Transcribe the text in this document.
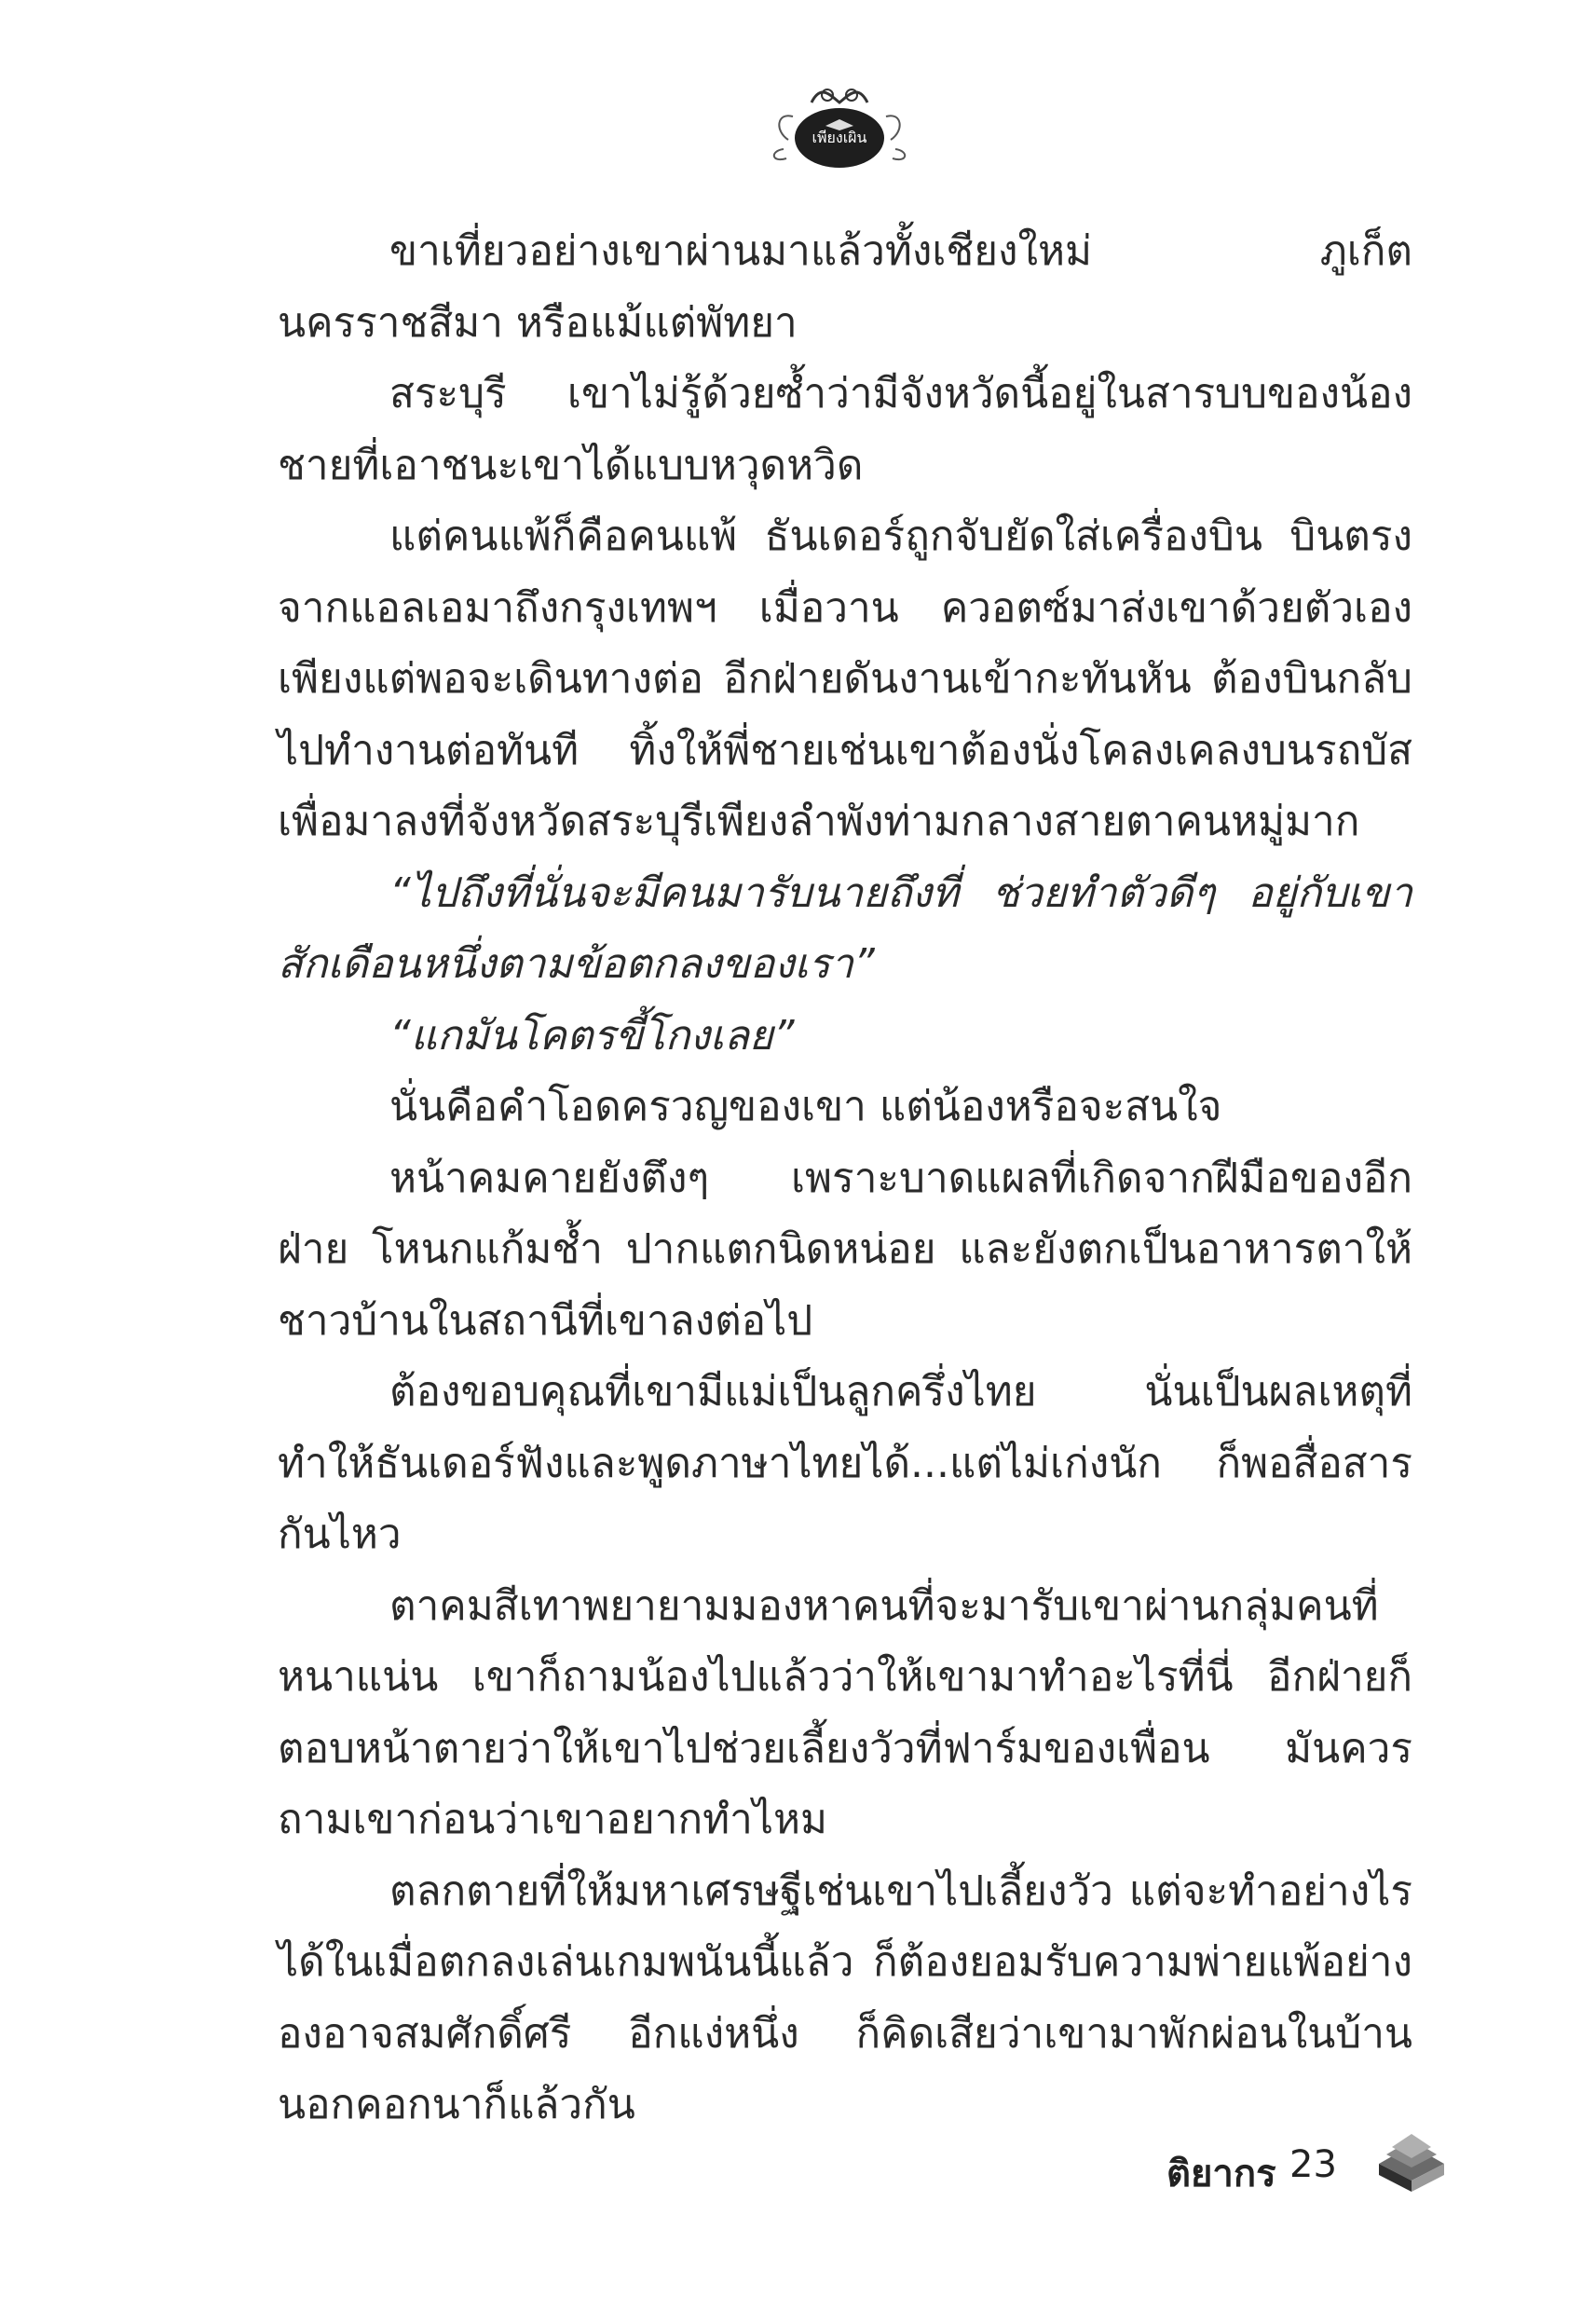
เพียงเผิน

ขาเที่ยวอย่างเขาผ่านมาแล้วทั้งเชียงใหม่ ภูเก็ต นครราชสีมา หรือแม้แต่พัทยา

สระบุรี เขาไม่รู้ด้วยซ้ำว่ามีจังหวัดนี้อยู่ในสารบบของน้องชายที่เอาชนะเขาได้แบบหวุดหวิด

แต่คนแพ้ก็คือคนแพ้ ธันเดอร์ถูกจับยัดใส่เครื่องบิน บินตรงจากแอลเอมาถึงกรุงเทพฯ เมื่อวาน ควอตซ์มาส่งเขาด้วยตัวเอง เพียงแต่พอจะเดินทางต่อ อีกฝ่ายดันงานเข้ากะทันหัน ต้องบินกลับไปทำงานต่อทันที ทิ้งให้พี่ชายเช่นเขาต้องนั่งโคลงเคลงบนรถบัสเพื่อมาลงที่จังหวัดสระบุรีเพียงลำพังท่ามกลางสายตาคนหมู่มาก

“ไปถึงที่นั่นจะมีคนมารับนายถึงที่ ช่วยทำตัวดีๆ อยู่กับเขาสักเดือนหนึ่งตามข้อตกลงของเรา”

“แกมันโคตรขี้โกงเลย”

นั่นคือคำโอดครวญของเขา แต่น้องหรือจะสนใจ

หน้าคมคายยังตึงๆ เพราะบาดแผลที่เกิดจากฝีมือของอีกฝ่าย โหนกแก้มช้ำ ปากแตกนิดหน่อย และยังตกเป็นอาหารตาให้ชาวบ้านในสถานีที่เขาลงต่อไป

ต้องขอบคุณที่เขามีแม่เป็นลูกครึ่งไทย นั่นเป็นผลเหตุที่ทำให้ธันเดอร์ฟังและพูดภาษาไทยได้...แต่ไม่เก่งนัก ก็พอสื่อสารกันไหว

ตาคมสีเทาพยายามมองหาคนที่จะมารับเขาผ่านกลุ่มคนที่หนาแน่น เขาก็ถามน้องไปแล้วว่าให้เขามาทำอะไรที่นี่ อีกฝ่ายก็ตอบหน้าตายว่าให้เขาไปช่วยเลี้ยงวัวที่ฟาร์มของเพื่อน มันควรถามเขาก่อนว่าเขาอยากทำไหม

ตลกตายที่ให้มหาเศรษฐีเช่นเขาไปเลี้ยงวัว แต่จะทำอย่างไรได้ในเมื่อตกลงเล่นเกมพนันนี้แล้ว ก็ต้องยอมรับความพ่ายแพ้อย่างองอาจสมศักดิ์ศรี อีกแง่หนึ่ง ก็คิดเสียว่าเขามาพักผ่อนในบ้านนอกคอกนาก็แล้วกัน

ติยากร 23
